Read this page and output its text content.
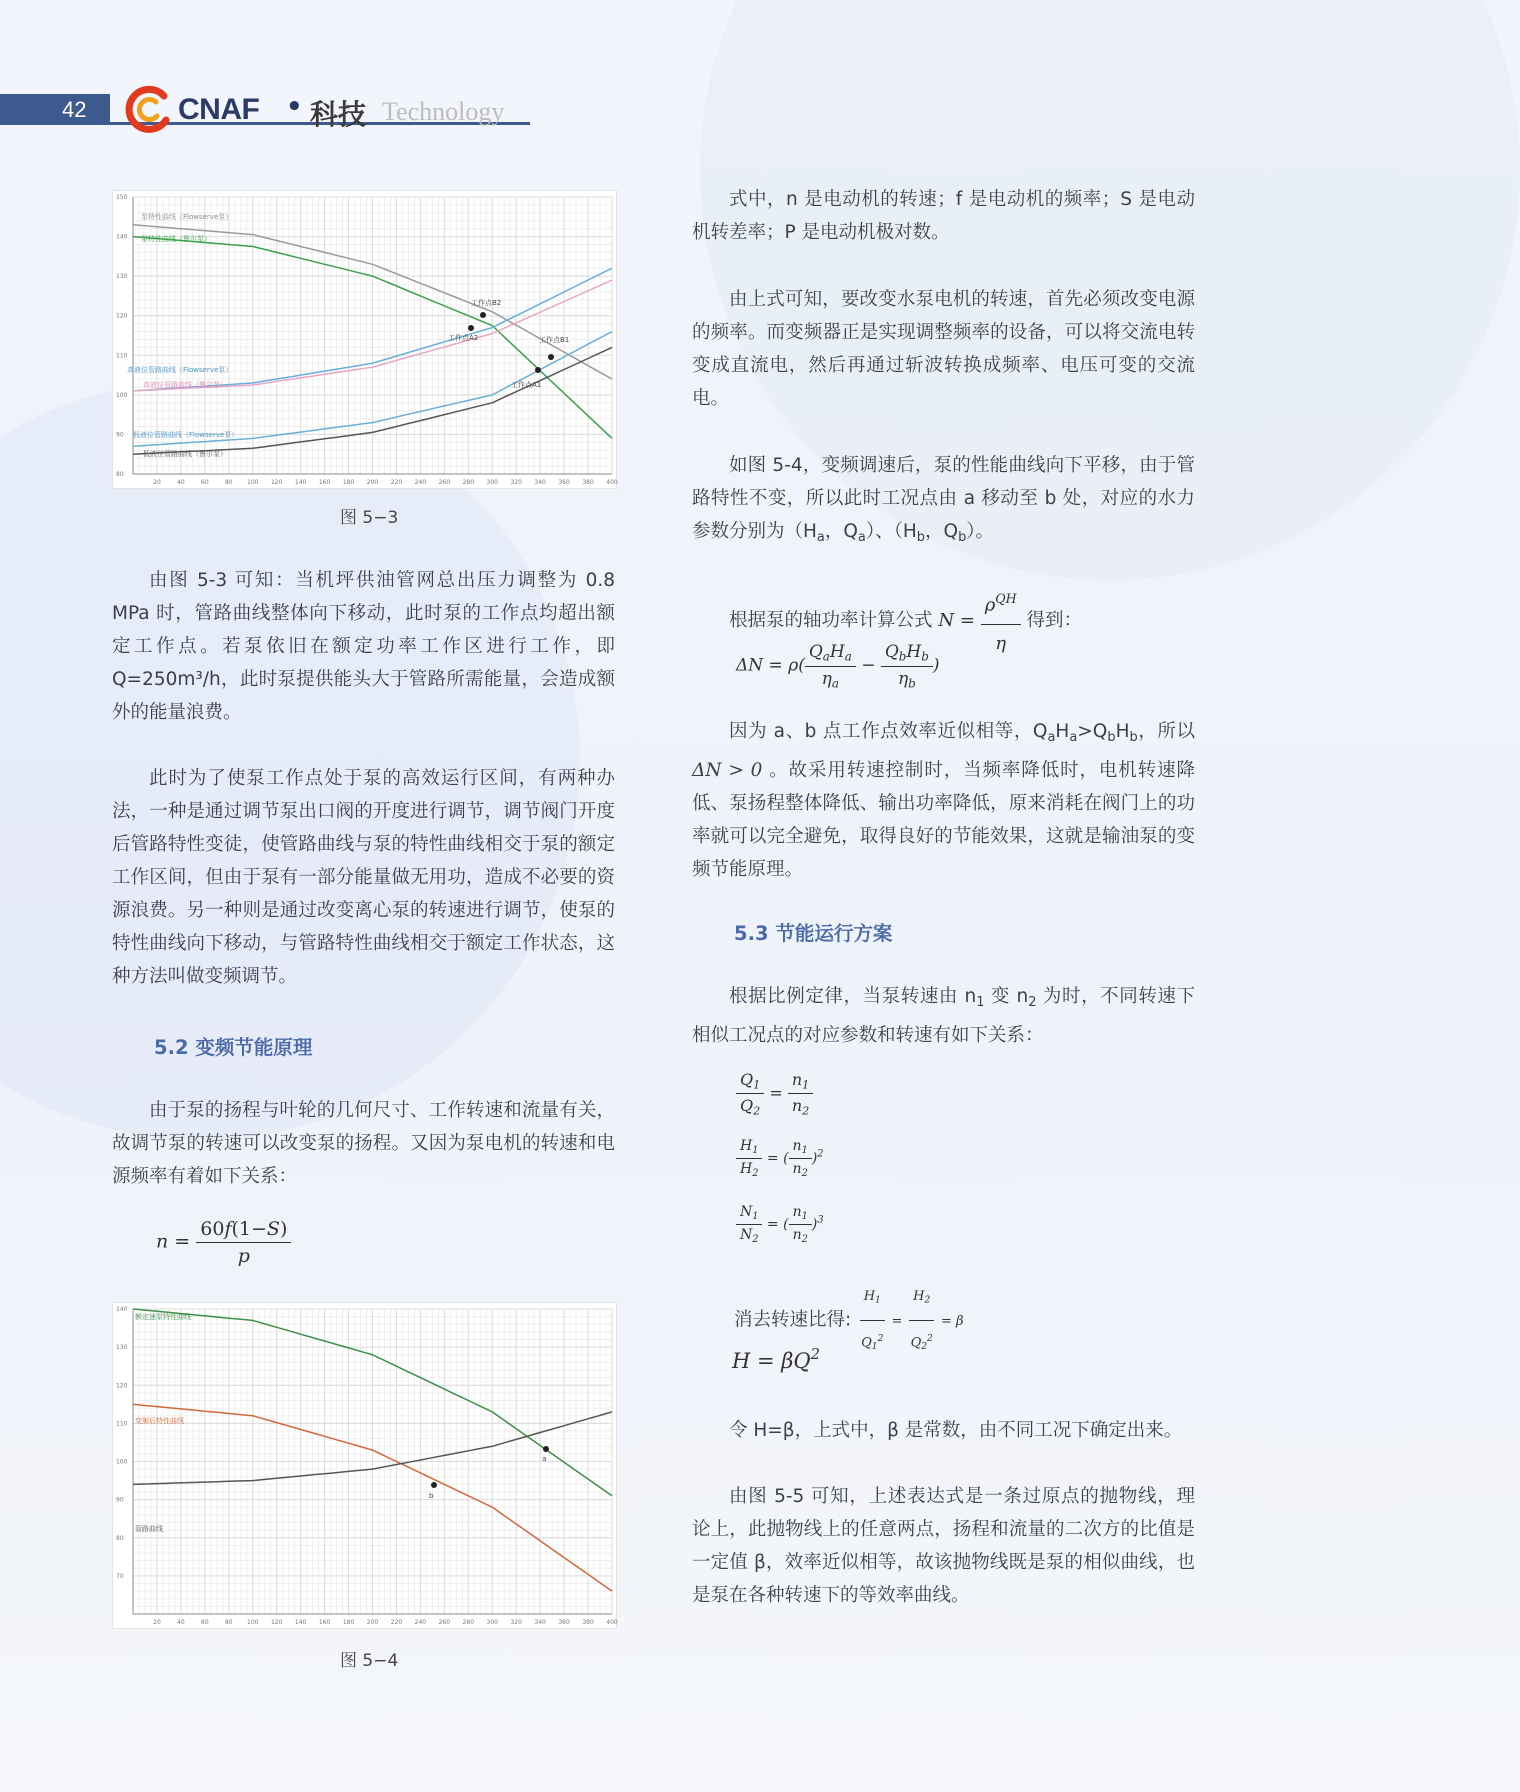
42	CNAF • 科技 Technology
20	40	60	80 100 120 140 160 180 200 220 240 260 280 300 320 340 360 380 400
80
90
100
110
120
130
140
150
泵特性曲线（Flowserve泵）
泵特性曲线（鲁尔泵）
高液位管路曲线（Flowserve泵）
高液位管路曲线（鲁尔泵）
低液位管路曲线（Flowserve泵）
低液位管路曲线（鲁尔泵）
工作点B2
工作点A2	工作点B1
工作点A1
图 5−3

由图 5-3 可知：当机坪供油管网总出压力调整为 0.8 MPa 时，管路曲线整体向下移动，此时泵的工作点均超出额定工作点。若泵依旧在额定功率工作区进行工作，即 Q=250m³/h，此时泵提供能头大于管路所需能量，会造成额外的能量浪费。

此时为了使泵工作点处于泵的高效运行区间，有两种办法，一种是通过调节泵出口阀的开度进行调节，调节阀门开度后管路特性变徒，使管路曲线与泵的特性曲线相交于泵的额定工作区间，但由于泵有一部分能量做无用功，造成不必要的资源浪费。另一种则是通过改变离心泵的转速进行调节，使泵的特性曲线向下移动，与管路特性曲线相交于额定工作状态，这种方法叫做变频调节。

5.2 变频节能原理

由于泵的扬程与叶轮的几何尺寸、工作转速和流量有关，故调节泵的转速可以改变泵的扬程。又因为泵电机的转速和电源频率有着如下关系：

$n = \frac{60f(1-S)}{p}$
20	40	60	80 100 120 140 160 180 200 220 240 260 280 300 320 340 360 380 400
70
80
90
100
110
120
130
140
额定速泵特性曲线
变频后特性曲线
管路曲线
a
b
图 5−4

式中，n 是电动机的转速；f 是电动机的频率；S 是电动机转差率；P 是电动机极对数。

由上式可知，要改变水泵电机的转速，首先必须改变电源的频率。而变频器正是实现调整频率的设备，可以将交流电转变成直流电，然后再通过斩波转换成频率、电压可变的交流电。

如图 5-4，变频调速后，泵的性能曲线向下平移，由于管路特性不变，所以此时工况点由 a 移动至 b 处，对应的水力参数分别为（$H_a$，$Q_a$）、（$H_b$，$Q_b$）。

根据泵的轴功率计算公式 $N = \frac{\rho^{QH}}{\eta}$ 得到：
$\Delta N = \rho( \frac{Q_aH_a}{\eta_a} - \frac{Q_bH_b}{\eta_b}$ )

因为 a、b 点工作点效率近似相等，$Q_aH_a>Q_bH_b$，所以 ΔN > 0 。故采用转速控制时，当频率降低时，电机转速降低、泵扬程整体降低、输出功率降低，原来消耗在阀门上的功率就可以完全避免，取得良好的节能效果，这就是输油泵的变频节能原理。

5.3 节能运行方案

根据比例定律，当泵转速由 $n_1$ 变 $n_2$ 为时，不同转速下相似工况点的对应参数和转速有如下关系：

$\frac{Q_1}{Q_2} = \frac{n_1}{n_2}$
$\frac{H_1}{H_2}$ = ( $\frac{n_1}{n_2} )^2$
$\frac{N_1}{N_2}$ = ( $\frac{n_1}{n_2} )^3$
消去转速比得: $\frac{H_1}{Q_1^2} = \frac{H_2}{Q_2^2} = \beta$
$H = \beta Q^2$

令 H=β，上式中，β 是常数，由不同工况下确定出来。

由图 5-5 可知，上述表达式是一条过原点的抛物线，理论上，此抛物线上的任意两点，扬程和流量的二次方的比值是一定值 β，效率近似相等，故该抛物线既是泵的相似曲线，也是泵在各种转速下的等效率曲线。
